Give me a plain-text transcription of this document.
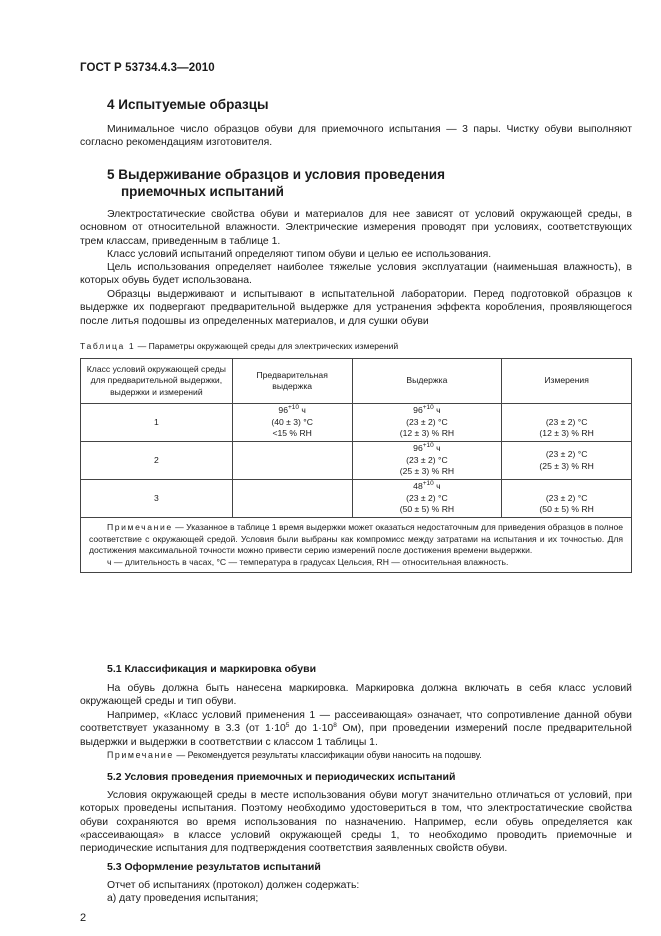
ГОСТ Р 53734.4.3—2010
4 Испытуемые образцы

Минимальное число образцов обуви для приемочного испытания — 3 пары. Чистку обуви выполняют согласно рекомендациям изготовителя.

5 Выдерживание образцов и условия проведения
приемочных испытаний

Электростатические свойства обуви и материалов для нее зависят от условий окружающей среды, в основном от относительной влажности. Электрические измерения проводят при условиях, соответствующих трем классам, приведенным в таблице 1.

Класс условий испытаний определяют типом обуви и целью ее использования.

Цель использования определяет наиболее тяжелые условия эксплуатации (наименьшая влажность), в которых обувь будет использована.

Образцы выдерживают и испытывают в испытательной лаборатории. Перед подготовкой образцов к выдержке их подвергают предварительной выдержке для устранения эффекта коробления, проявляющегося после литья подошвы из определенных материалов, и для сушки обуви

Таблица 1 — Параметры окружающей среды для электрических измерений
Класс условий окружающей среды для предварительной выдержки, выдержки и измерений	Предварительная выдержка	Выдержка	Измерения
1	$96^{+10}$ ч
(40 ± 3) °С
<15 % RH	$96^{+10}$ ч
(23 ± 2) °С
(12 ± 3) % RH	(23 ± 2) °С
(12 ± 3) % RH
2		$96^{+10}$ ч
(23 ± 2) °С
(25 ± 3) % RH	(23 ± 2) °С
(25 ± 3) % RH
3		$48^{+10}$ ч
(23 ± 2) °С
(50 ± 5) % RH	(23 ± 2) °С
(50 ± 5) % RH

Примечание — Указанное в таблице 1 время выдержки может оказаться недостаточным для приведения образцов в полное соответствие с окружающей средой. Условия были выбраны как компромисс между затратами на испытания и их точностью. Для достижения максимальной точности можно привести серию измерений после достижения времени выдержки.

ч — длительность в часах, °С — температура в градусах Цельсия, RH — относительная влажность.			

5.1 Классификация и маркировка обуви

На обувь должна быть нанесена маркировка. Маркировка должна включать в себя класс условий окружающей среды и тип обуви.

Например, «Класс условий применения 1 — рассеивающая» означает, что сопротивление данной обуви соответствует указанному в 3.3 (от $1\cdot 10^5$ до $1\cdot 10^8$ Ом), при проведении измерений после предварительной выдержки и выдержки в соответствии с классом 1 таблицы 1.

Примечание — Рекомендуется результаты классификации обуви наносить на подошву.
5.2 Условия проведения приемочных и периодических испытаний

Условия окружающей среды в месте использования обуви могут значительно отличаться от условий, при которых проведены испытания. Поэтому необходимо удостовериться в том, что электростатические свойства обуви сохраняются во время использования по назначению. Например, если обувь определяется как «рассеивающая» в классе условий окружающей среды 1, то необходимо проводить приемочные и периодические испытания для подтверждения соответствия заявленных свойств обуви.

5.3 Оформление результатов испытаний

Отчет об испытаниях (протокол) должен содержать:

а) дату проведения испытания;

2
